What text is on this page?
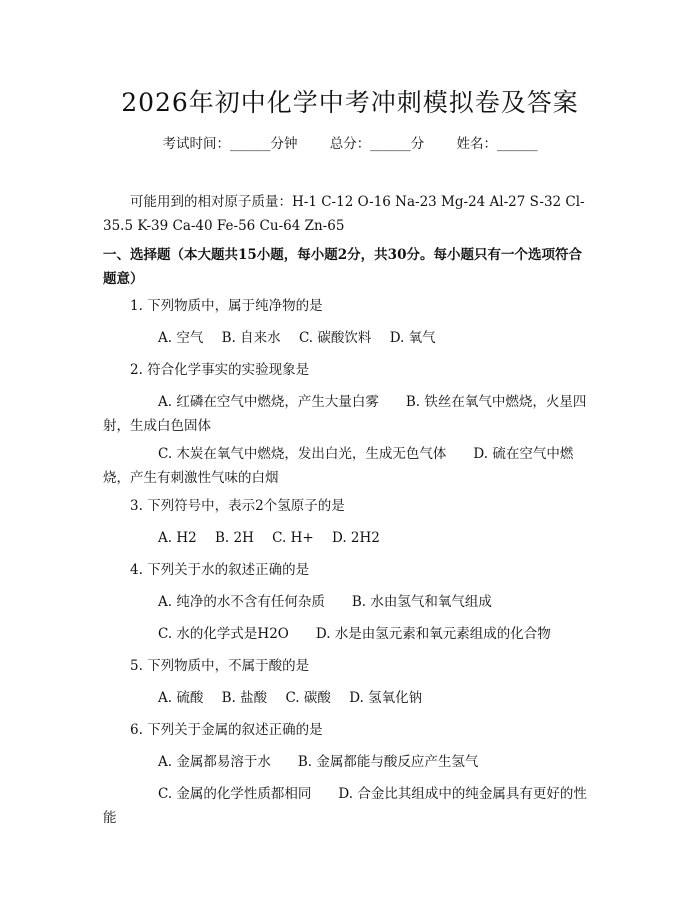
2026年初中化学中考冲刺模拟卷及答案
考试时间：______分钟 总分：______分 姓名：______
可能用到的相对原子质量：H-1 C-12 O-16 Na-23 Mg-24 Al-27 S-32 Cl-35.5 K-39 Ca-40 Fe-56 Cu-64 Zn-65
一、选择题（本大题共15小题，每小题2分，共30分。每小题只有一个选项符合题意）
1. 下列物质中，属于纯净物的是
A. 空气 B. 自来水 C. 碳酸饮料 D. 氧气
2. 符合化学事实的实验现象是
A. 红磷在空气中燃烧，产生大量白雾　　B. 铁丝在氧气中燃烧，火星四射，生成白色固体
C. 木炭在氧气中燃烧，发出白光，生成无色气体　　D. 硫在空气中燃烧，产生有刺激性气味的白烟
3. 下列符号中，表示2个氢原子的是
A. H2 B. 2H C. H+ D. 2H2
4. 下列关于水的叙述正确的是
A. 纯净的水不含有任何杂质　　B. 水由氢气和氧气组成
C. 水的化学式是H2O　　D. 水是由氢元素和氧元素组成的化合物
5. 下列物质中，不属于酸的是
A. 硫酸 B. 盐酸 C. 碳酸 D. 氢氧化钠
6. 下列关于金属的叙述正确的是
A. 金属都易溶于水　　B. 金属都能与酸反应产生氢气
C. 金属的化学性质都相同　　D. 合金比其组成中的纯金属具有更好的性能
